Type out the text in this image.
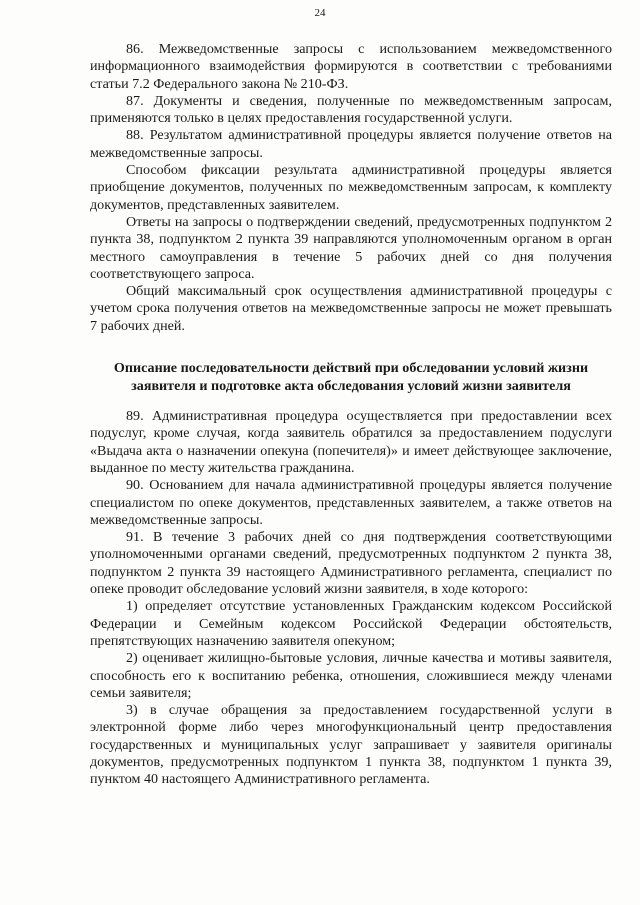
24

86. Межведомственные запросы с использованием межведомственного информационного взаимодействия формируются в соответствии с требованиями статьи 7.2 Федерального закона № 210-ФЗ.

87. Документы и сведения, полученные по межведомственным запросам, применяются только в целях предоставления государственной услуги.

88. Результатом административной процедуры является получение ответов на межведомственные запросы.

Способом фиксации результата административной процедуры является приобщение документов, полученных по межведомственным запросам, к комплекту документов, представленных заявителем.

Ответы на запросы о подтверждении сведений, предусмотренных подпунктом 2 пункта 38, подпунктом 2 пункта 39 направляются уполномоченным органом в орган местного самоуправления в течение 5 рабочих дней со дня получения соответствующего запроса.

Общий максимальный срок осуществления административной процедуры с учетом срока получения ответов на межведомственные запросы не может превышать 7 рабочих дней.

Описание последовательности действий при обследовании условий жизни
заявителя и подготовке акта обследования условий жизни заявителя

89. Административная процедура осуществляется при предоставлении всех подуслуг, кроме случая, когда заявитель обратился за предоставлением подуслуги «Выдача акта о назначении опекуна (попечителя)» и имеет действующее заключение, выданное по месту жительства гражданина.

90. Основанием для начала административной процедуры является получение специалистом по опеке документов, представленных заявителем, а также ответов на межведомственные запросы.

91. В течение 3 рабочих дней со дня подтверждения соответствующими уполномоченными органами сведений, предусмотренных подпунктом 2 пункта 38, подпунктом 2 пункта 39 настоящего Административного регламента, специалист по опеке проводит обследование условий жизни заявителя, в ходе которого:

1) определяет отсутствие установленных Гражданским кодексом Российской Федерации и Семейным кодексом Российской Федерации обстоятельств, препятствующих назначению заявителя опекуном;

2) оценивает жилищно-бытовые условия, личные качества и мотивы заявителя, способность его к воспитанию ребенка, отношения, сложившиеся между членами семьи заявителя;

3) в случае обращения за предоставлением государственной услуги в электронной форме либо через многофункциональный центр предоставления государственных и муниципальных услуг запрашивает у заявителя оригиналы документов, предусмотренных подпунктом 1 пункта 38, подпунктом 1 пункта 39, пунктом 40 настоящего Административного регламента.
